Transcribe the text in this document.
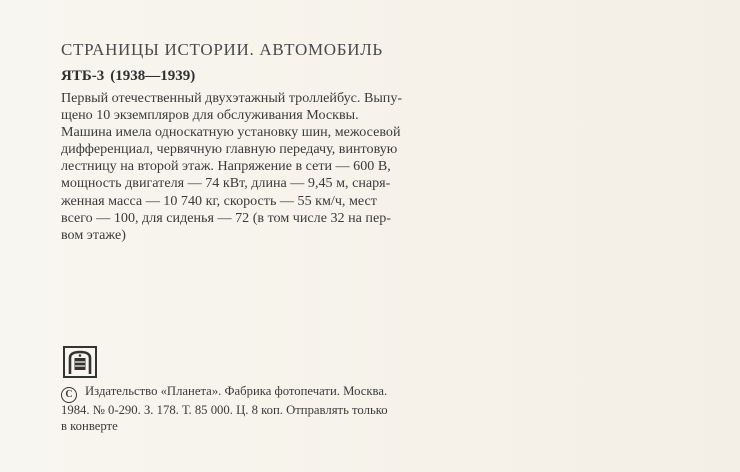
СТРАНИЦЫ ИСТОРИИ. АВТОМОБИЛЬ
ЯТБ-3 (1938—1939)
Первый отечественный двухэтажный троллейбус. Выпу-
щено 10 экземпляров для обслуживания Москвы.
Машина имела односкатную установку шин, межосевой
дифференциал, червячную главную передачу, винтовую
лестницу на второй этаж. Напряжение в сети — 600 В,
мощность двигателя — 74 кВт, длина — 9,45 м, снаря-
женная масса — 10 740 кг, скорость — 55 км/ч, мест
всего — 100, для сиденья — 72 (в том числе 32 на пер-
вом этаже)
С Издательство «Планета». Фабрика фотопечати. Москва.
1984. № 0-290. З. 178. Т. 85 000. Ц. 8 коп. Отправлять только
в конверте
